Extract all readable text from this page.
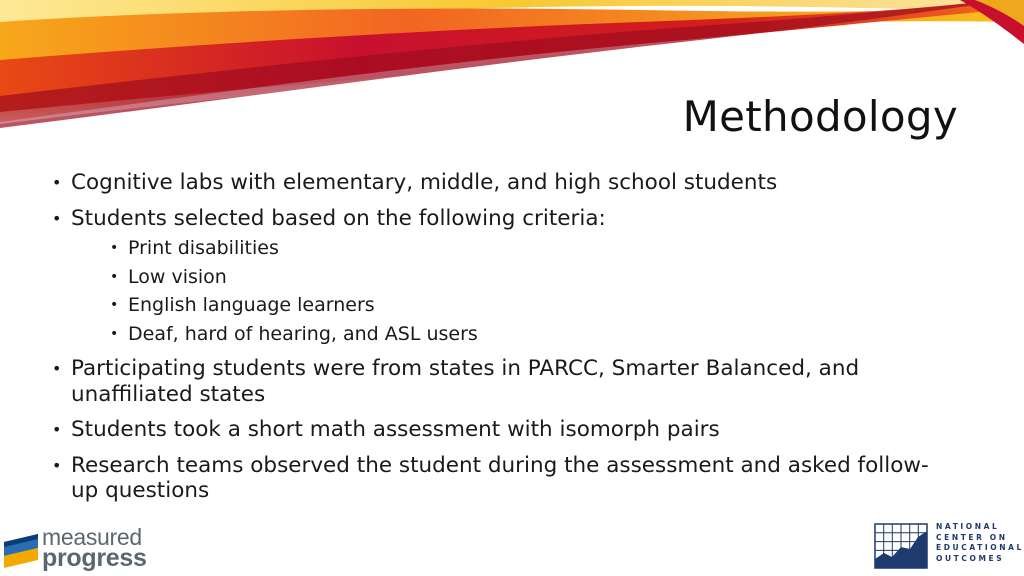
Methodology
• Cognitive labs with elementary, middle, and high school students
• Students selected based on the following criteria:
• Print disabilities
• Low vision
• English language learners
• Deaf, hard of hearing, and ASL users
• Participating students were from states in PARCC, Smarter Balanced, and unaffiliated states
• Students took a short math assessment with isomorph pairs
• Research teams observed the student during the assessment and asked follow-up questions
measured
progress
NATIONAL
CENTER ON
EDUCATIONAL
OUTCOMES
